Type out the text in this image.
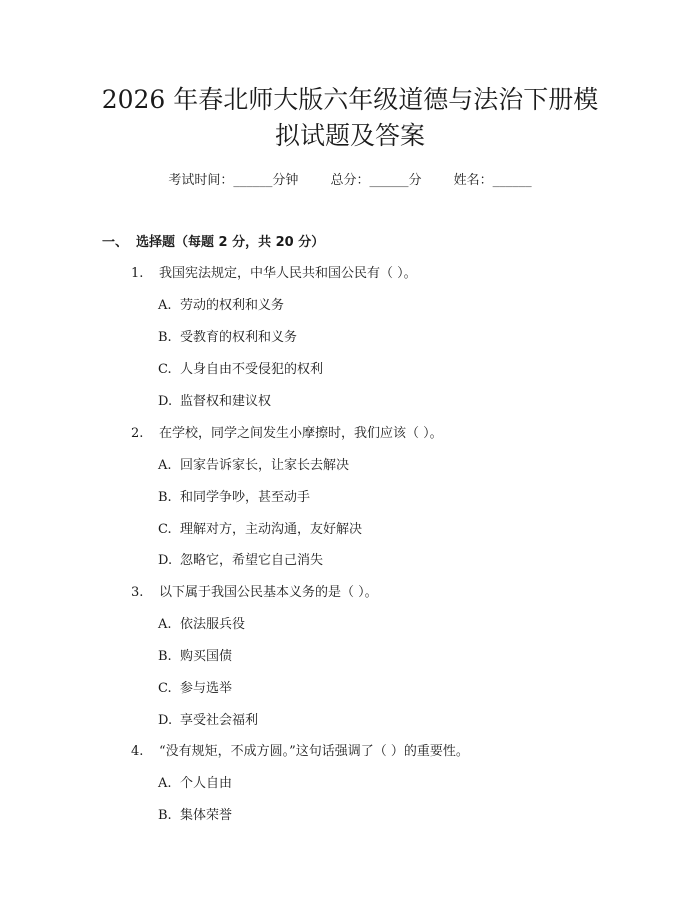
2026 年春北师大版六年级道德与法治下册模
拟试题及答案
考试时间：______分钟 总分：______分 姓名：______
一、 选择题（每题 2 分，共 20 分）
1. 我国宪法规定，中华人民共和国公民有（ ）。
A. 劳动的权利和义务
B. 受教育的权利和义务
C. 人身自由不受侵犯的权利
D. 监督权和建议权
2. 在学校，同学之间发生小摩擦时，我们应该（ ）。
A. 回家告诉家长，让家长去解决
B. 和同学争吵，甚至动手
C. 理解对方，主动沟通，友好解决
D. 忽略它，希望它自己消失
3. 以下属于我国公民基本义务的是（ ）。
A. 依法服兵役
B. 购买国债
C. 参与选举
D. 享受社会福利
4. “没有规矩，不成方圆。”这句话强调了（ ）的重要性。
A. 个人自由
B. 集体荣誉
